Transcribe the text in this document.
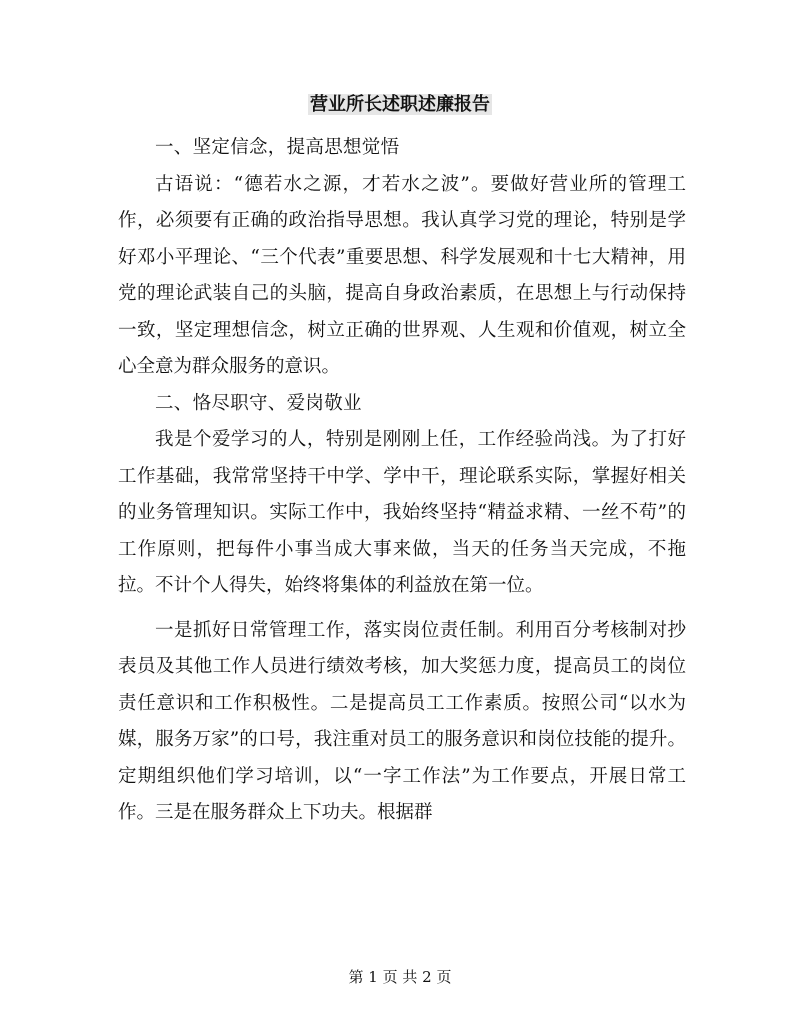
营业所长述职述廉报告

一、坚定信念，提高思想觉悟

古语说：“德若水之源，才若水之波”。要做好营业所的管理工作，必须要有正确的政治指导思想。我认真学习党的理论，特别是学好邓小平理论、“三个代表”重要思想、科学发展观和十七大精神，用党的理论武装自己的头脑，提高自身政治素质，在思想上与行动保持一致，坚定理想信念，树立正确的世界观、人生观和价值观，树立全心全意为群众服务的意识。

二、恪尽职守、爱岗敬业

我是个爱学习的人，特别是刚刚上任，工作经验尚浅。为了打好工作基础，我常常坚持干中学、学中干，理论联系实际，掌握好相关的业务管理知识。实际工作中，我始终坚持“精益求精、一丝不苟”的工作原则，把每件小事当成大事来做，当天的任务当天完成，不拖拉。不计个人得失，始终将集体的利益放在第一位。

一是抓好日常管理工作，落实岗位责任制。利用百分考核制对抄表员及其他工作人员进行绩效考核，加大奖惩力度，提高员工的岗位责任意识和工作积极性。二是提高员工工作素质。按照公司“以水为媒，服务万家”的口号，我注重对员工的服务意识和岗位技能的提升。定期组织他们学习培训，以“一字工作法”为工作要点，开展日常工作。三是在服务群众上下功夫。根据群

第 1 页 共 2 页
